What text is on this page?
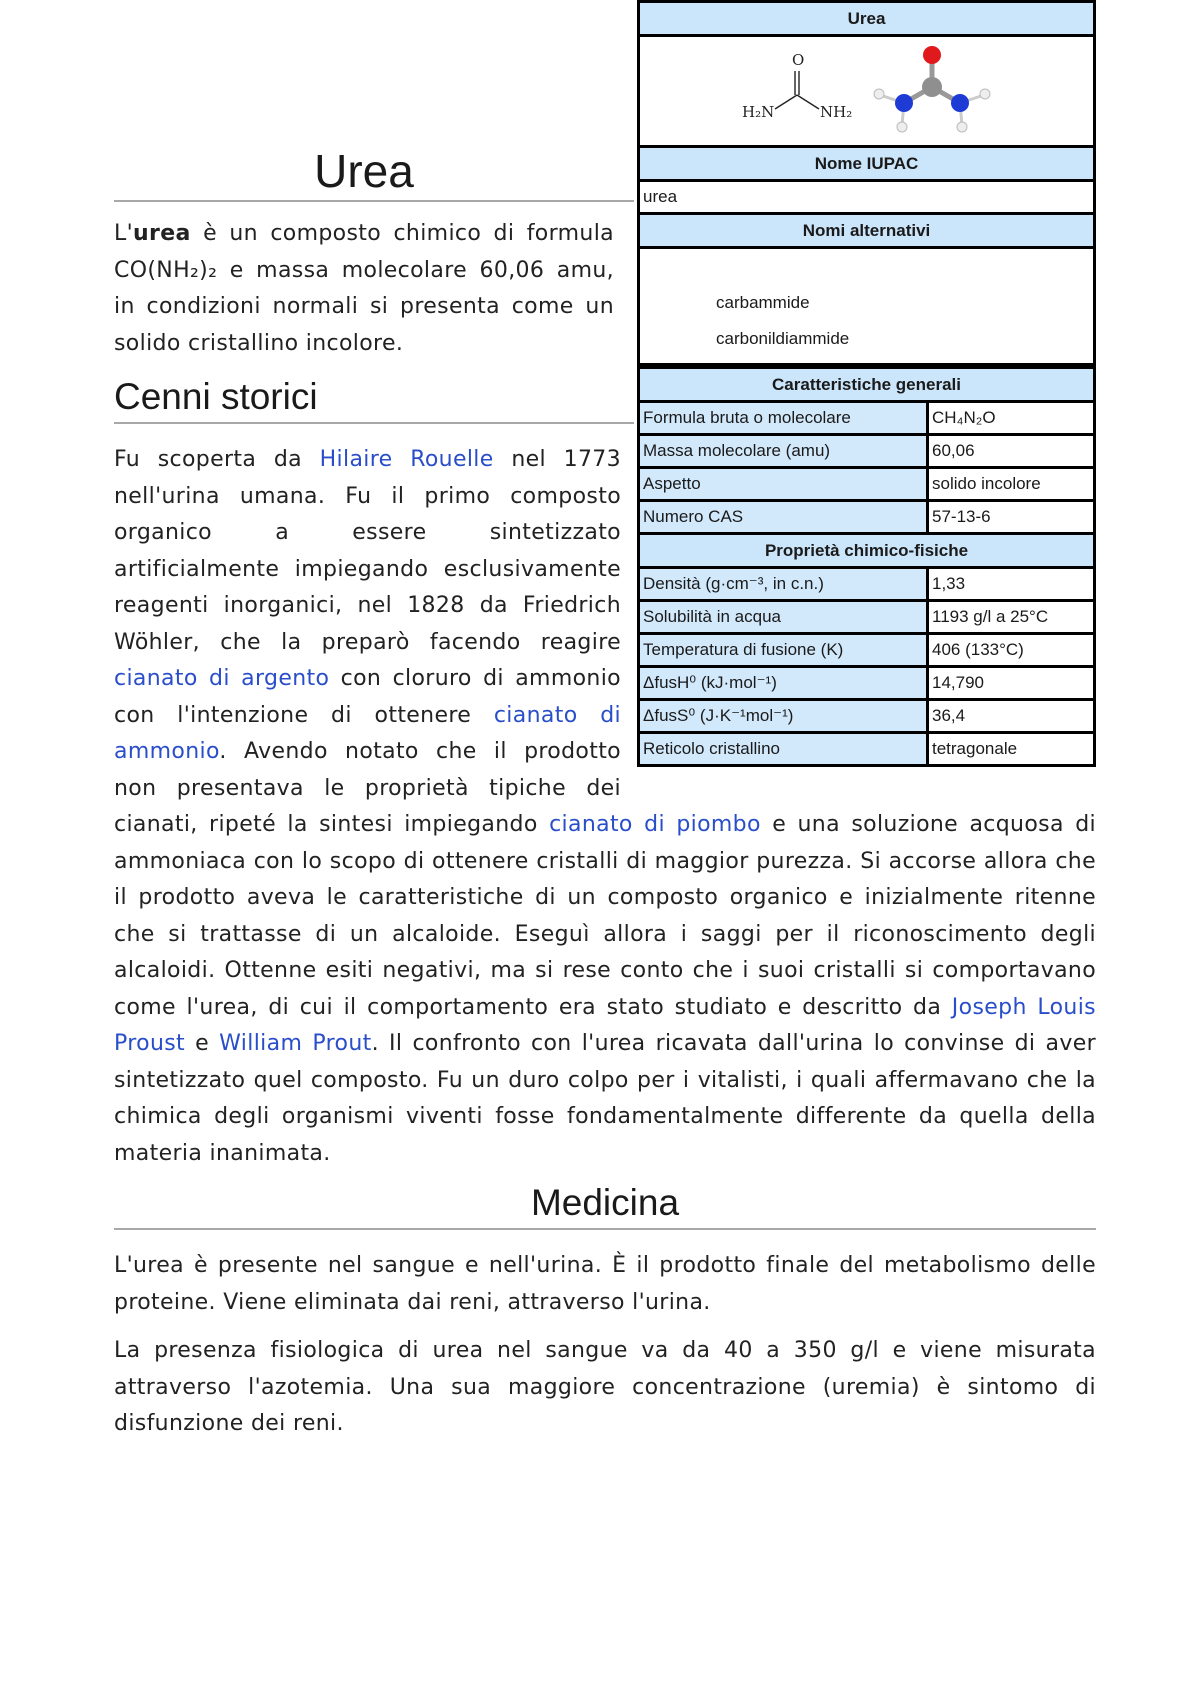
Urea

O
H₂N	NH₂

Nome IUPAC
urea
Nomi alternativi

carbammide
carbonildiammide
Caratteristiche generali	
Formula bruta o molecolare	CH₄N₂O
Massa molecolare (amu)	60,06
Aspetto	solido incolore
Numero CAS	57-13-6
Proprietà chimico-fisiche	
Densità (g·cm⁻³, in c.n.)	1,33
Solubilità in acqua	1193 g/l a 25°C
Temperatura di fusione (K)	406 (133°C)
ΔfusH⁰ (kJ·mol⁻¹)	14,790
ΔfusS⁰ (J·K⁻¹mol⁻¹)	36,4
Reticolo cristallino	tetragonale
Urea

L'urea è un composto chimico di formula CO(NH₂)₂ e massa molecolare 60,06 amu, in condizioni normali si presenta come un solido cristallino incolore.

Cenni storici

Fu scoperta da Hilaire Rouelle nel 1773 nell'urina umana. Fu il primo composto organico a essere sintetizzato artificialmente impiegando esclusivamente reagenti inorganici, nel 1828 da Friedrich Wöhler, che la preparò facendo reagire cianato di argento con cloruro di ammonio con l'intenzione di ottenere cianato di ammonio. Avendo notato che il prodotto non presentava le proprietà tipiche dei cianati, ripeté la sintesi impiegando cianato di piombo e una soluzione acquosa di ammoniaca con lo scopo di ottenere cristalli di maggior purezza. Si accorse allora che il prodotto aveva le caratteristiche di un composto organico e inizialmente ritenne che si trattasse di un alcaloide. Eseguì allora i saggi per il riconoscimento degli alcaloidi. Ottenne esiti negativi, ma si rese conto che i suoi cristalli si comportavano come l'urea, di cui il comportamento era stato studiato e descritto da Joseph Louis Proust e William Prout. Il confronto con l'urea ricavata dall'urina lo convinse di aver sintetizzato quel composto. Fu un duro colpo per i vitalisti, i quali affermavano che la chimica degli organismi viventi fosse fondamentalmente differente da quella della materia inanimata.

Medicina

L'urea è presente nel sangue e nell'urina. È il prodotto finale del metabolismo delle proteine. Viene eliminata dai reni, attraverso l'urina.

La presenza fisiologica di urea nel sangue va da 40 a 350 g/l e viene misurata attraverso l'azotemia. Una sua maggiore concentrazione (uremia) è sintomo di disfunzione dei reni.
